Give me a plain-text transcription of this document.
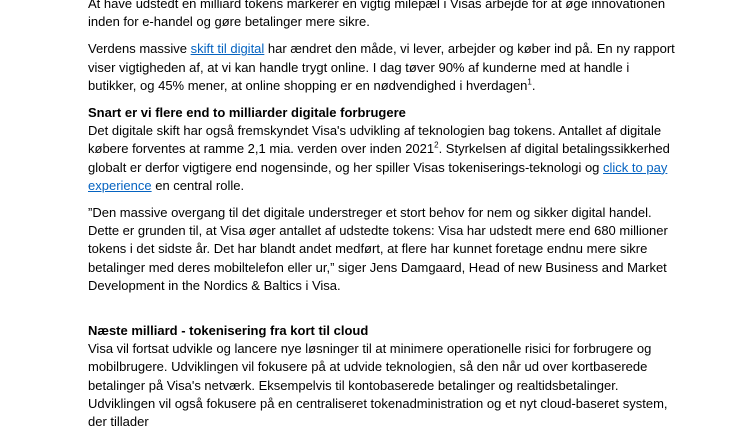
At have udstedt en milliard tokens markerer en vigtig milepæl i Visas arbejde for at øge innovationen inden for e-handel og gøre betalinger mere sikre.

Verdens massive skift til digital har ændret den måde, vi lever, arbejder og køber ind på. En ny rapport viser vigtigheden af, at vi kan handle trygt online. I dag tøver 90% af kunderne med at handle i butikker, og 45% mener, at online shopping er en nødvendighed i hverdagen$^1$.

Snart er vi flere end to milliarder digitale forbrugere

Det digitale skift har også fremskyndet Visa's udvikling af teknologien bag tokens. Antallet af digitale købere forventes at ramme 2,1 mia. verden over inden 2021$^2$. Styrkelsen af digital betalingssikkerhed globalt er derfor vigtigere end nogensinde, og her spiller Visas tokeniserings-teknologi og click to pay experience en central rolle.

”Den massive overgang til det digitale understreger et stort behov for nem og sikker digital handel. Dette er grunden til, at Visa øger antallet af udstedte tokens: Visa har udstedt mere end 680 millioner tokens i det sidste år. Det har blandt andet medført, at flere har kunnet foretage endnu mere sikre betalinger med deres mobiltelefon eller ur,” siger Jens Damgaard, Head of new Business and Market Development in the Nordics & Baltics i Visa.

Næste milliard - tokenisering fra kort til cloud

Visa vil fortsat udvikle og lancere nye løsninger til at minimere operationelle risici for forbrugere og mobilbrugere. Udviklingen vil fokusere på at udvide teknologien, så den når ud over kortbaserede betalinger på Visa's netværk. Eksempelvis til kontobaserede betalinger og realtidsbetalinger. Udviklingen vil også fokusere på en centraliseret tokenadministration og et nyt cloud-baseret system, der tillader
